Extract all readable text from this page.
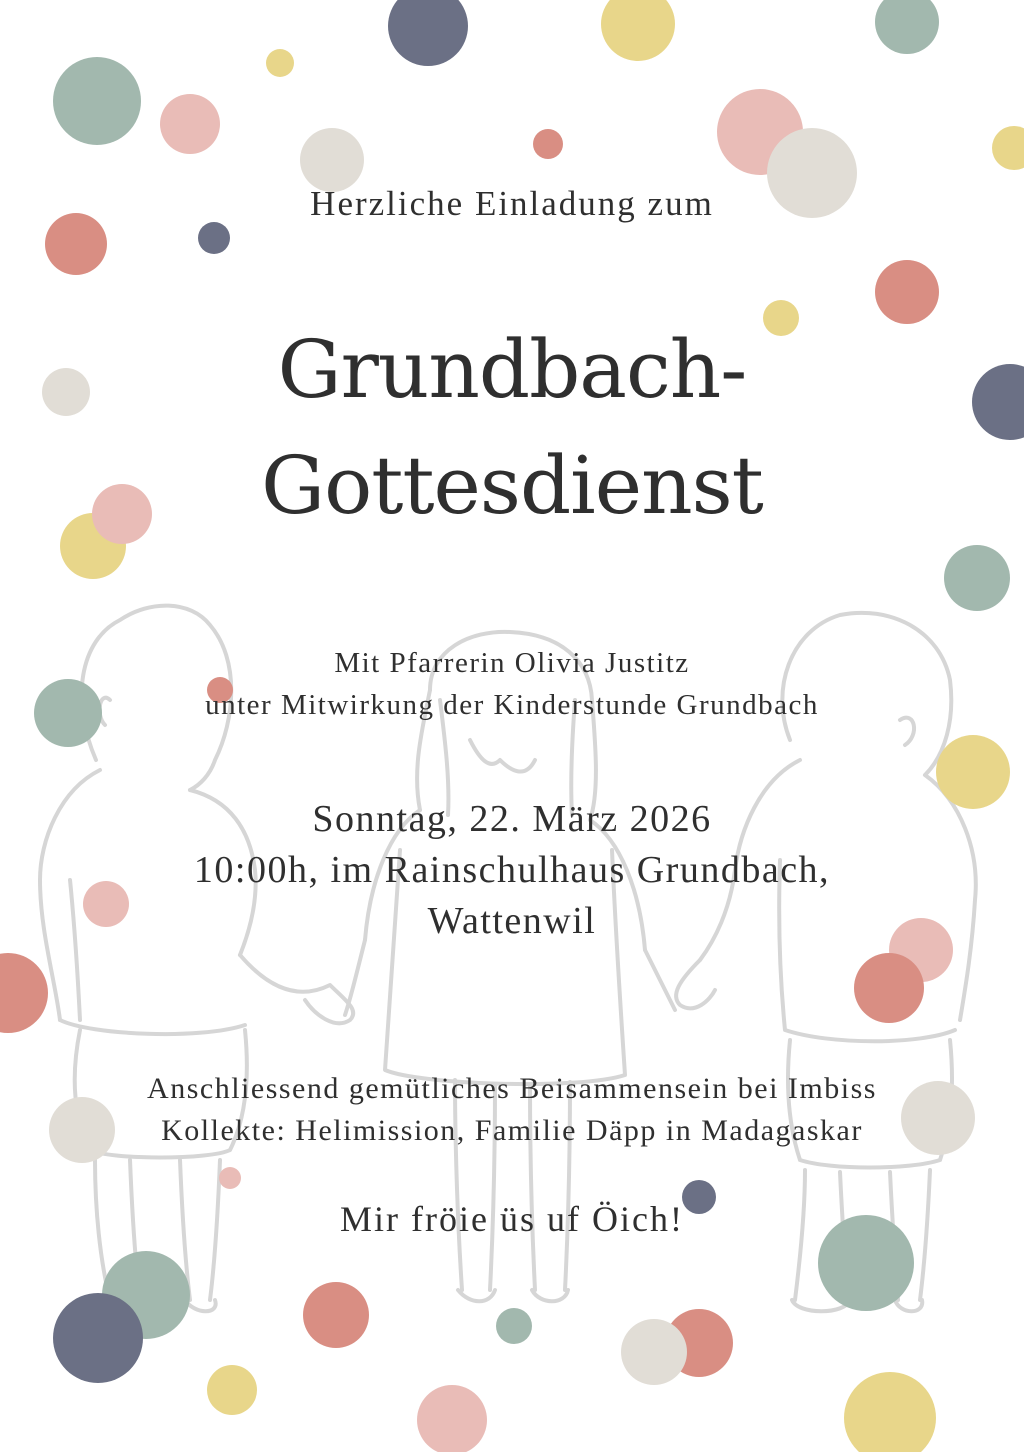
Herzliche Einladung zum

Grundbach-
Gottesdienst
Mit Pfarrerin Olivia Justitz
unter Mitwirkung der Kinderstunde Grundbach
Sonntag, 22. März 2026
10:00h, im Rainschulhaus Grundbach,
Wattenwil
Anschliessend gemütliches Beisammensein bei Imbiss
Kollekte: Helimission, Familie Däpp in Madagaskar

Mir fröie üs uf Öich!
